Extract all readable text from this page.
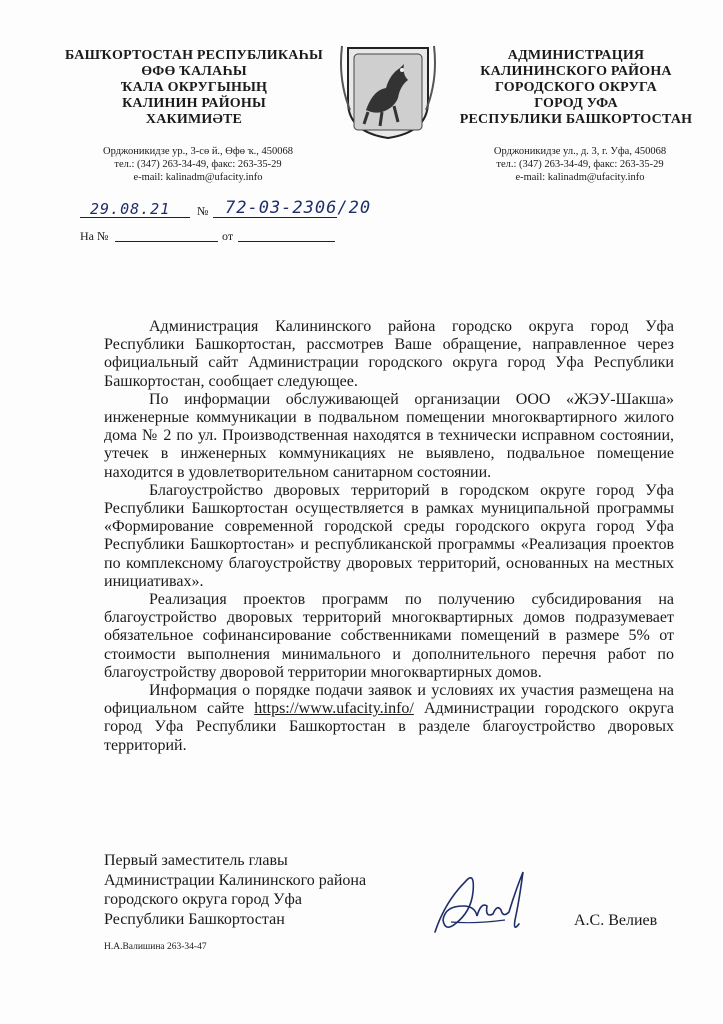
БАШҠОРТОСТАН РЕСПУБЛИКАҺЫ
ӨФӨ ҠАЛАҺЫ
ҠАЛА ОКРУГЫНЫҢ
КАЛИНИН РАЙОНЫ
ХАКИМИӘТЕ
АДМИНИСТРАЦИЯ
КАЛИНИНСКОГО РАЙОНА
ГОРОДСКОГО ОКРУГА
ГОРОД УФА
РЕСПУБЛИКИ БАШКОРТОСТАН
Орджоникидзе ур., 3-сө й., Өфө ҡ., 450068
тел.: (347) 263-34-49, факс: 263-35-29
e-mail: kalinadm@ufacity.info
Орджоникидзе ул., д. 3, г. Уфа, 450068
тел.: (347) 263-34-49, факс: 263-35-29
e-mail: kalinadm@ufacity.info
29.08.21 № 72-03-2306/20
На №	от

Администрация Калининского района городско округа город Уфа Республики Башкортостан, рассмотрев Ваше обращение, направленное через официальный сайт Администрации городского округа город Уфа Республики Башкортостан, сообщает следующее.

По информации обслуживающей организации ООО «ЖЭУ-Шакша» инженерные коммуникации в подвальном помещении многоквартирного жилого дома № 2 по ул. Производственная находятся в технически исправном состоянии, утечек в инженерных коммуникациях не выявлено, подвальное помещение находится в удовлетворительном санитарном состоянии.

Благоустройство дворовых территорий в городском округе город Уфа Республики Башкортостан осуществляется в рамках муниципальной программы «Формирование современной городской среды городского округа город Уфа Республики Башкортостан» и республиканской программы «Реализация проектов по комплексному благоустройству дворовых территорий, основанных на местных инициативах».

Реализация проектов программ по получению субсидирования на благоустройство дворовых территорий многоквартирных домов подразумевает обязательное софинансирование собственниками помещений в размере 5% от стоимости выполнения минимального и дополнительного перечня работ по благоустройству дворовой территории многоквартирных домов.

Информация о порядке подачи заявок и условиях их участия размещена на официальном сайте https://www.ufacity.info/ Администрации городского округа город Уфа Республики Башкортостан в разделе благоустройство дворовых территорий.

Первый заместитель главы
Администрации Калининского района
городского округа город Уфа
Республики Башкортостан	А.С. Велиев
Н.А.Валишина 263-34-47
